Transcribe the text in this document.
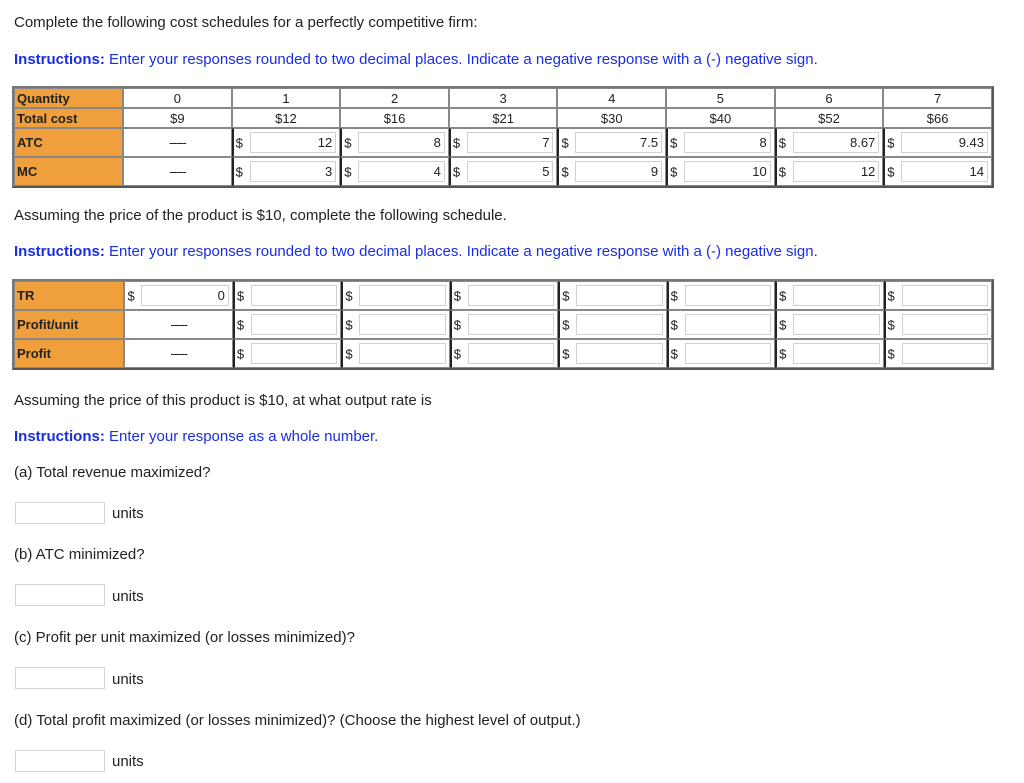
Complete the following cost schedules for a perfectly competitive firm:

Instructions: Enter your responses rounded to two decimal places. Indicate a negative response with a (-) negative sign.

Quantity	0	1	2	3	4	5	6	7
Total cost	$9	$12	$16	$21	$30	$40	$52	$66
ATC	-----	$ 12	$ 8	$ 7	$ 7.5	$ 8	$ 8.67	$ 9.43

MC	-----	$ 3	$ 4	$ 5	$ 9	$ 10	$ 12	$ 14

Assuming the price of the product is $10, complete the following schedule.

Instructions: Enter your responses rounded to two decimal places. Indicate a negative response with a (-) negative sign.

TR	$ 0	$	$	$	$	$	$	$

Profit/unit	-----	$	$	$	$	$	$	$

Profit	-----	$	$	$	$	$	$	$

Assuming the price of this product is $10, at what output rate is

Instructions: Enter your response as a whole number.

(a) Total revenue maximized?

units

(b) ATC minimized?

units

(c) Profit per unit maximized (or losses minimized)?

units

(d) Total profit maximized (or losses minimized)? (Choose the highest level of output.)

units
